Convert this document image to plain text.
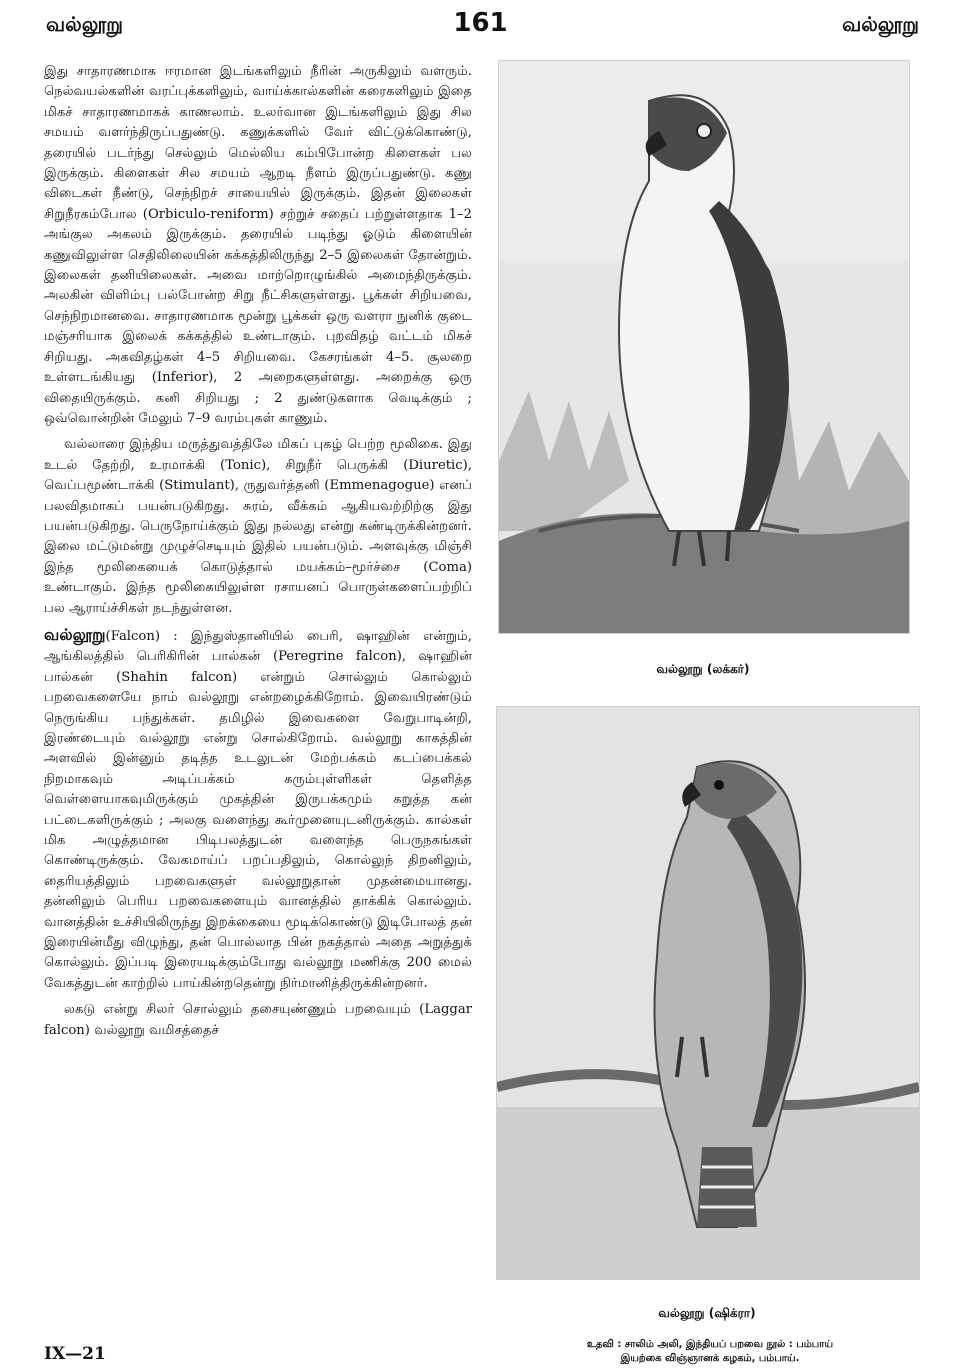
வல்லூறு	161	வல்லூறு

இது சாதாரணமாக ஈரமான இடங்களிலும் நீரின் அருகிலும் வளரும். நெல்வயல்களின் வரப்புக்களிலும், வாய்க்கால்களின் கரைகளிலும் இதை மிகச் சாதாரணமாகக் காணலாம். உலர்வான இடங்களிலும் இது சில சமயம் வளர்ந்திருப்பதுண்டு. கணுக்களில் வேர் விட்டுக்கொண்டு, தரையில் படர்ந்து செல்லும் மெல்லிய கம்பிபோன்ற கிளைகள் பல இருக்கும். கிளைகள் சில சமயம் ஆறடி நீளம் இருப்பதுண்டு. கணு விடைகள் நீண்டு, செந்நிறச் சாயையில் இருக்கும். இதன் இலைகள் சிறுநீரகம்போல (Orbiculo-reniform) சற்றுச் சதைப் பற்றுள்ளதாக 1–2 அங்குல அகலம் இருக்கும். தரையில் படிந்து ஓடும் கிளையின் கணுவிலுள்ள செதிலிலையின் கக்கத்திலிருந்து 2–5 இலைகள் தோன்றும். இலைகள் தனியிலைகள். அவை மாற்றொழுங்கில் அமைந்திருக்கும். அலகின் விளிம்பு பல்போன்ற சிறு நீட்சிகளுள்ளது. பூக்கள் சிறியவை, செந்நிறமானவை. சாதாரணமாக மூன்று பூக்கள் ஒரு வளரா நுனிக் குடை மஞ்சரியாக இலைக் கக்கத்தில் உண்டாகும். புறவிதழ் வட்டம் மிகச் சிறியது. அகவிதழ்கள் 4–5 சிறியவை. கேசரங்கள் 4–5. சூலறை உள்ளடங்கியது (Inferior), 2 அறைகளுள்ளது. அறைக்கு ஒரு விதையிருக்கும். கனி சிறியது ; 2 துண்டுகளாக வெடிக்கும் ; ஒவ்வொன்றின் மேலும் 7–9 வரம்புகள் காணும்.

வல்லாரை இந்திய மருத்துவத்திலே மிகப் புகழ் பெற்ற மூலிகை. இது உடல் தேற்றி, உரமாக்கி (Tonic), சிறுநீர் பெருக்கி (Diuretic), வெப்பமூண்டாக்கி (Stimulant), ருதுவர்த்தனி (Emmenagogue) எனப் பலவிதமாகப் பயன்படுகிறது. சுரம், வீக்கம் ஆகியவற்றிற்கு இது பயன்படுகிறது. பெருநோய்க்கும் இது நல்லது என்று கண்டிருக்கின்றனர். இலை மட்டுமன்று முழுச்செடியும் இதில் பயன்படும். அளவுக்கு மிஞ்சி இந்த மூலிகையைக் கொடுத்தால் மயக்கம்–மூர்ச்சை (Coma) உண்டாகும். இந்த மூலிகையிலுள்ள ரசாயனப் பொருள்களைப்பற்றிப் பல ஆராய்ச்சிகள் நடந்துள்ளன.

வல்லூறு(Falcon) : இந்துஸ்தானியில் பைரி, ஷாஹின் என்றும், ஆங்கிலத்தில் பெரிகிரின் பால்கன் (Peregrine falcon), ஷாஹின் பால்கன் (Shahin falcon) என்றும் சொல்லும் கொல்லும் பறவைகளையே நாம் வல்லூறு என்றழைக்கிறோம். இவையிரண்டும் நெருங்கிய பந்துக்கள். தமிழில் இவைகளை வேறுபாடின்றி, இரண்டையும் வல்லூறு என்று சொல்கிறோம். வல்லூறு காகத்தின் அளவில் இன்னும் தடித்த உடலுடன் மேற்பக்கம் கடப்பைக்கல் நிறமாகவும் அடிப்பக்கம் கரும்புள்ளிகள் தெளித்த வெள்ளையாகவுமிருக்கும் முகத்தின் இருபக்கமும் கறுத்த கன் பட்டைகளிருக்கும் ; அலகு வளைந்து கூர்முனையுடனிருக்கும். கால்கள் மிக அழுத்தமான பிடிபலத்துடன் வளைந்த பெருநகங்கள் கொண்டிருக்கும். வேகமாய்ப் பறப்பதிலும், கொல்லுந் திறனிலும், தைரியத்திலும் பறவைகளுள் வல்லூறுதான் முதன்மையானது. தன்னிலும் பெரிய பறவைகளையும் வானத்தில் தாக்கிக் கொல்லும். வானத்தின் உச்சியிலிருந்து இறக்கையை மூடிக்கொண்டு இடிபோலத் தன் இரையின்மீது விழுந்து, தன் பொல்லாத பின் நகத்தால் அதை அறுத்துக் கொல்லும். இப்படி இரையடிக்கும்போது வல்லூறு மணிக்கு 200 மைல் வேகத்துடன் காற்றில் பாய்கின்றதென்று நிர்மானித்திருக்கின்றனர்.

லகடு என்று சிலர் சொல்லும் தசையுண்ணும் பறவையும் (Laggar falcon) வல்லூறு வமிசத்தைச்

வல்லூறு (லக்கர்)
வல்லூறு (ஷிக்ரா)
உதவி : சாலிம் அலி, இந்தியப் பறவை நூல் : பம்பாய்
இயற்கை விஞ்ஞானக் கழகம், பம்பாய்.
IX—21
